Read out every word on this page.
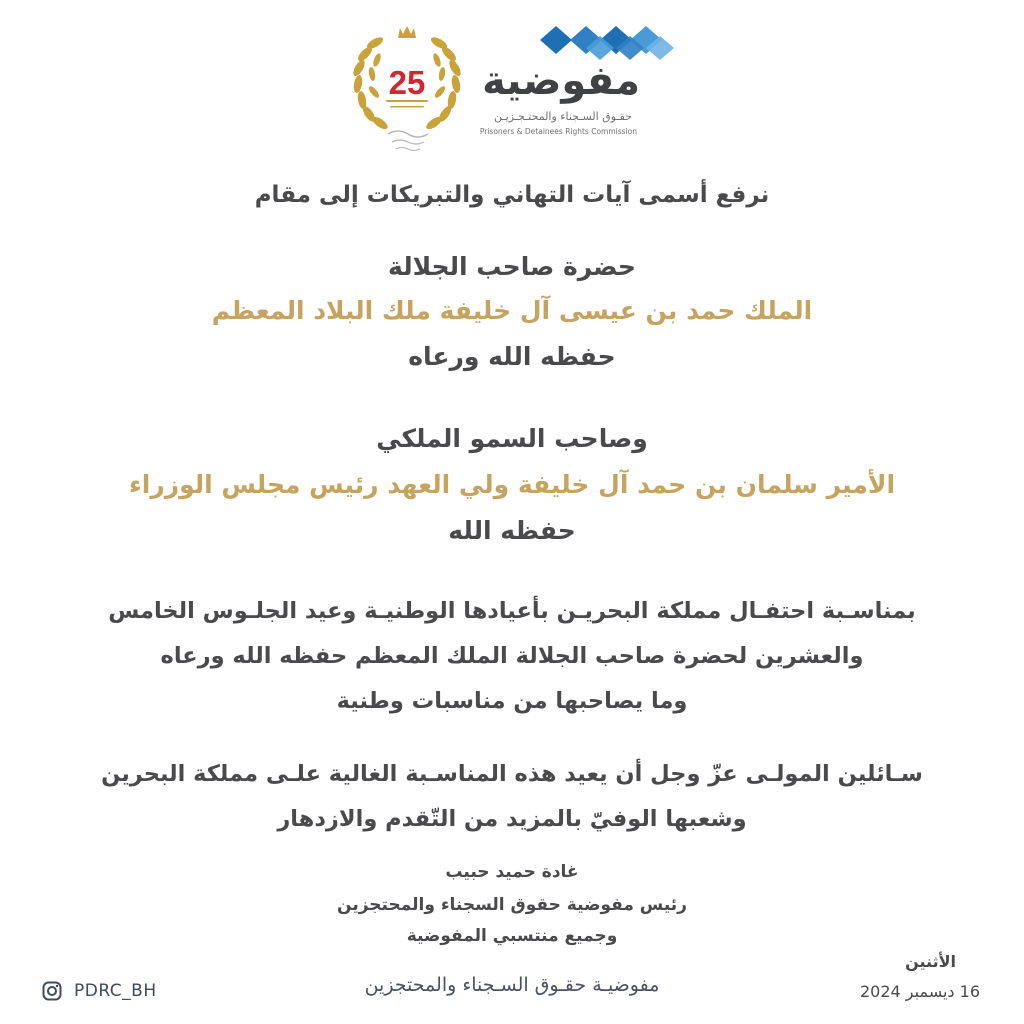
25 مفوضية
حقـوق السـجناء والمحتـجـزيـن
Prisoners & Detainees Rights Commission
نرفع أسمى آيات التهاني والتبريكات إلى مقام
حضرة صاحب الجلالة
الملك حمد بن عيسى آل خليفة ملك البلاد المعظم
حفظه الله ورعاه
وصاحب السمو الملكي
الأمير سلمان بن حمد آل خليفة ولي العهد رئيس مجلس الوزراء
حفظه الله
بمناسـبة احتفـال مملكة البحريـن بأعيادها الوطنيـة وعيد الجلـوس الخامس
والعشرين لحضرة صاحب الجلالة الملك المعظم حفظه الله ورعاه
وما يصاحبها من مناسبات وطنية
سـائلين المولـى عزّ وجل أن يعيد هذه المناسـبة الغالية علـى مملكة البحرين
وشعبها الوفيّ بالمزيد من التّقدم والازدهار
غادة حميد حبيب
رئيس مفوضية حقوق السجناء والمحتجزين
وجميع منتسبي المفوضية
PDRC_BH	مفوضيـة حقـوق السـجناء والمحتجزين
الأثنين
16 ديسمبر 2024
